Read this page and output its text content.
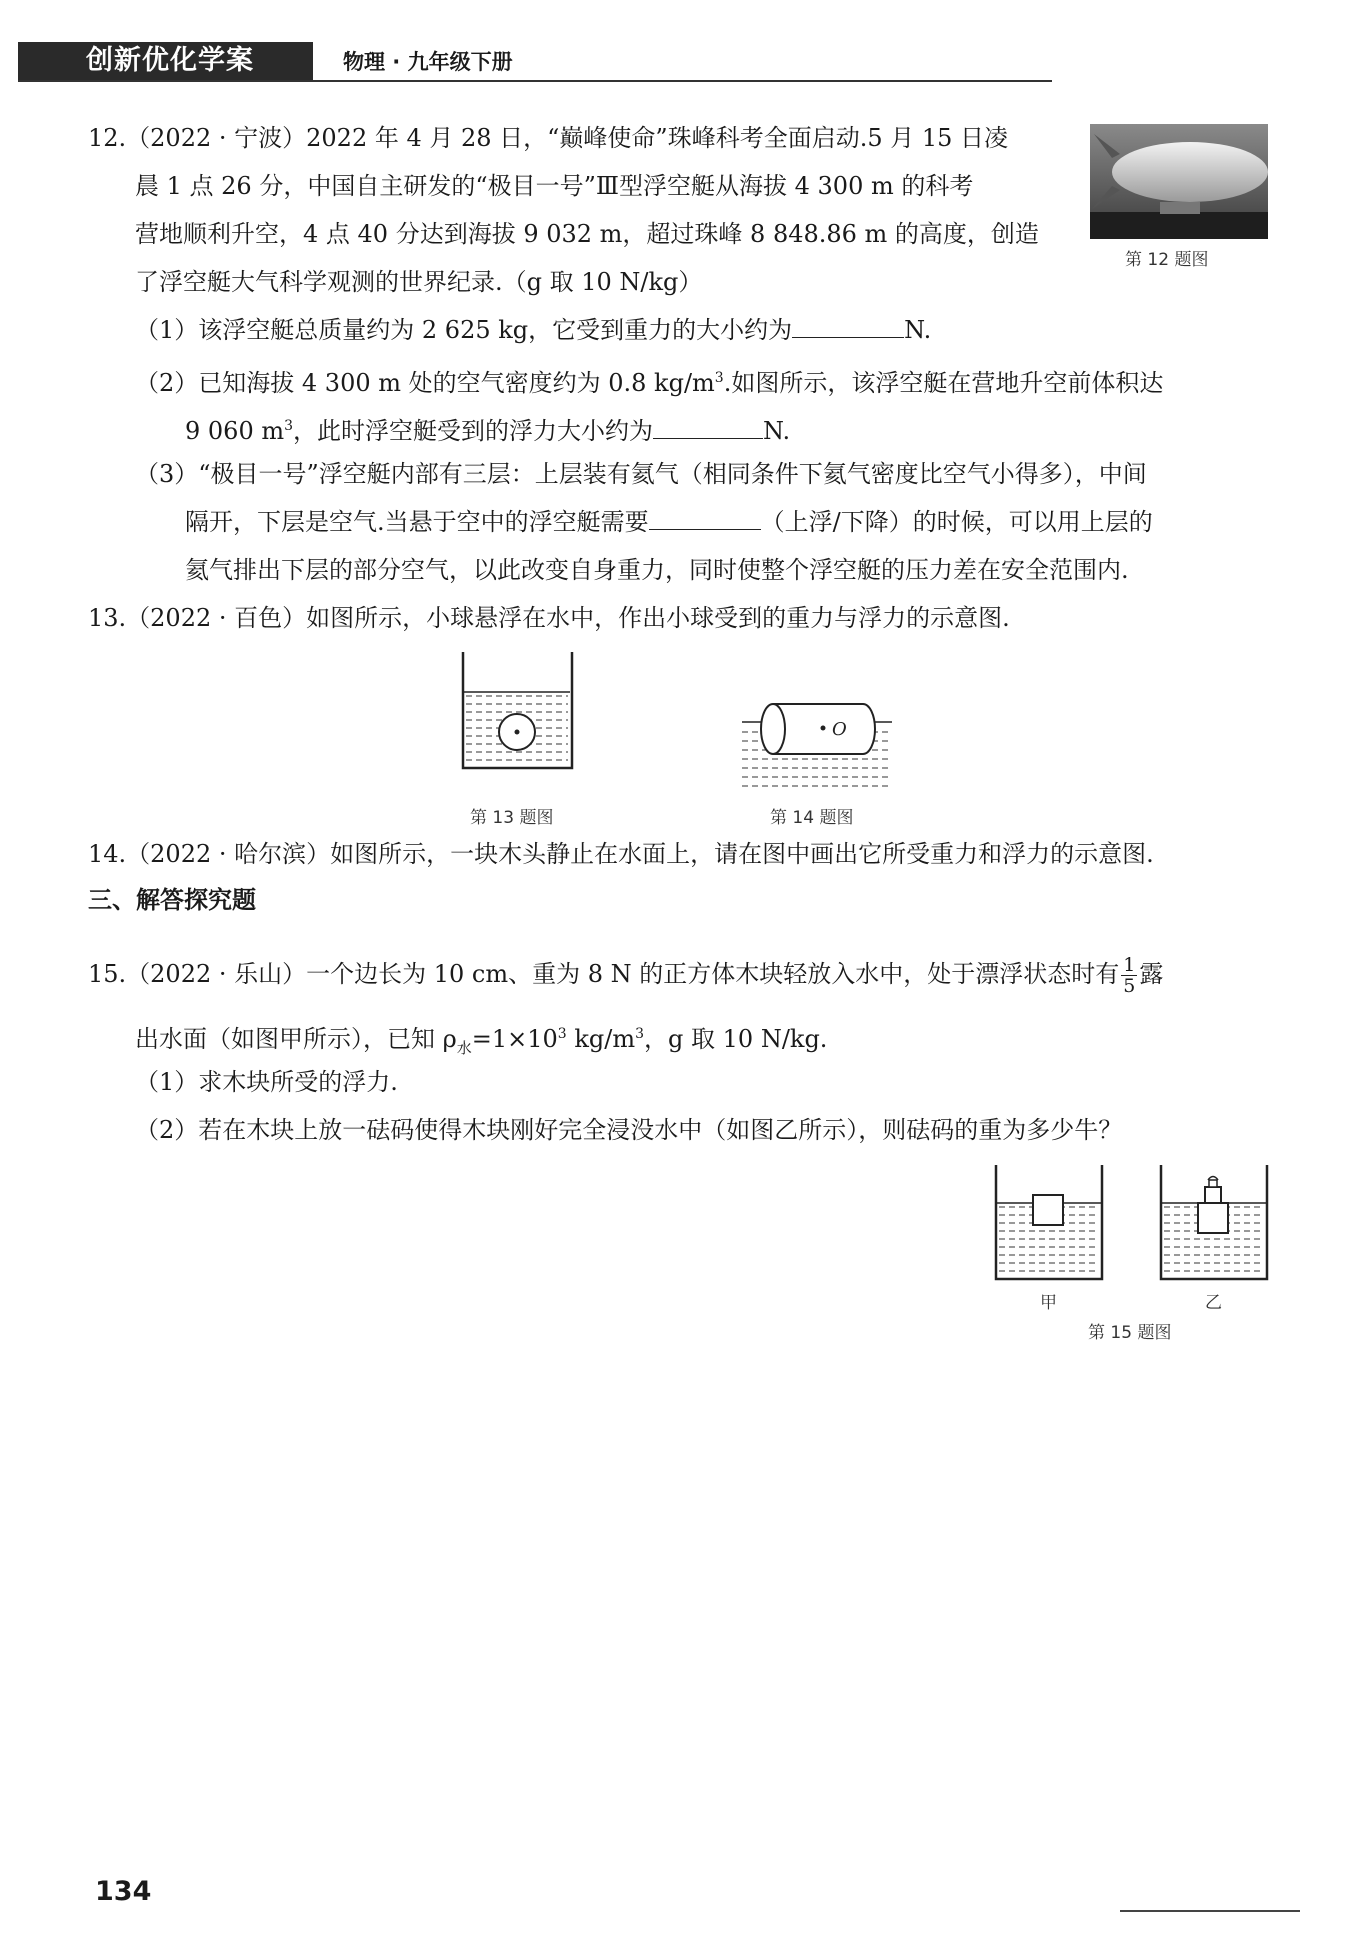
创新优化学案	物理 · 九年级下册
12.（2022 · 宁波）2022 年 4 月 28 日，“巅峰使命”珠峰科考全面启动.5 月 15 日凌
晨 1 点 26 分，中国自主研发的“极目一号”Ⅲ型浮空艇从海拔 4 300 m 的科考
营地顺利升空，4 点 40 分达到海拔 9 032 m，超过珠峰 8 848.86 m 的高度，创造
了浮空艇大气科学观测的世界纪录.（g 取 10 N/kg）
第 12 题图
（1）该浮空艇总质量约为 2 625 kg，它受到重力的大小约为	N.
（2）已知海拔 4 300 m 处的空气密度约为 0.8 $kg/m^3$.如图所示，该浮空艇在营地升空前体积达
9 060 $m^3$，此时浮空艇受到的浮力大小约为	N.
（3）“极目一号”浮空艇内部有三层：上层装有氦气（相同条件下氦气密度比空气小得多），中间
隔开，下层是空气.当悬于空中的浮空艇需要	（上浮/下降）的时候，可以用上层的
氦气排出下层的部分空气，以此改变自身重力，同时使整个浮空艇的压力差在安全范围内.
13.（2022 · 百色）如图所示，小球悬浮在水中，作出小球受到的重力与浮力的示意图.
第 13 题图
O
第 14 题图
14.（2022 · 哈尔滨）如图所示，一块木头静止在水面上，请在图中画出它所受重力和浮力的示意图.
三、解答探究题
15.（2022 · 乐山）一个边长为 10 cm、重为 8 N 的正方体木块轻放入水中，处于漂浮状态时有 $\frac{1}{5}$ 露
出水面（如图甲所示），已知 $\rho_水=1\times 10^3$ $kg/m^3$，g 取 10 N/kg.
（1）求木块所受的浮力.
（2）若在木块上放一砝码使得木块刚好完全浸没水中（如图乙所示），则砝码的重为多少牛？
甲	乙
第 15 题图
134
